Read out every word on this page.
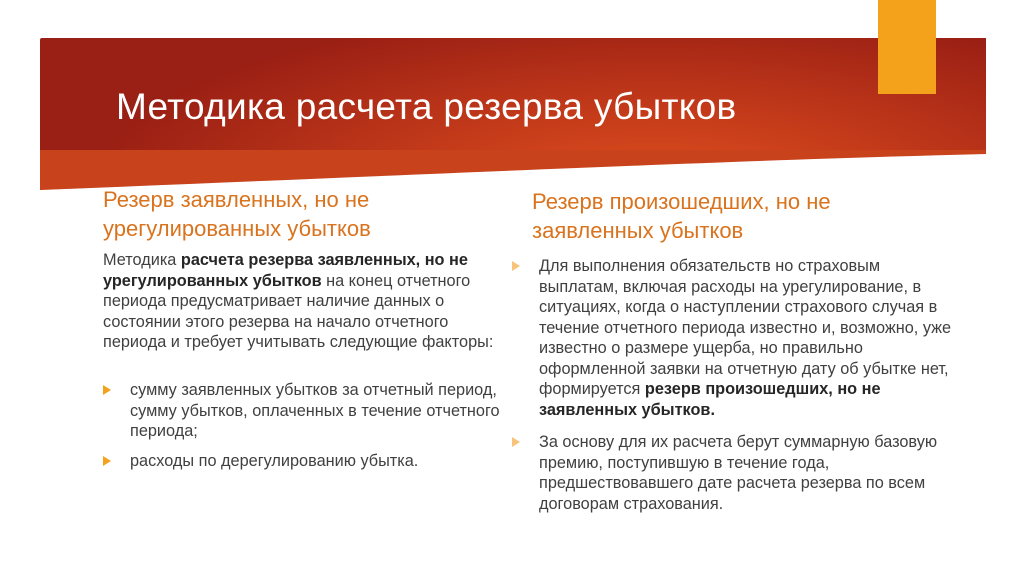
Методика расчета резерва убытков
Резерв заявленных, но не урегулированных убытков
Резерв произошедших, но не заявленных убытков
Методика расчета резерва заявленных, но не урегулированных убытков на конец отчетного периода предусматривает наличие данных о состоянии этого резерва на начало отчетного периода и требует учитывать следующие факторы:
сумму заявленных убытков за отчетный период, сумму убытков, оплаченных в течение отчетного периода;
расходы по дерегулированию убытка.
Для выполнения обязательств но страховым выплатам, включая расходы на урегулирование, в ситуациях, когда о наступлении страхового случая в течение отчетного периода известно и, возможно, уже известно о размере ущерба, но правильно оформленной заявки на отчетную дату об убытке нет, формируется резерв произошедших, но не заявленных убытков.
За основу для их расчета берут суммарную базовую премию, поступившую в течение года, предшествовавшего дате расчета резерва по всем договорам страхования.
